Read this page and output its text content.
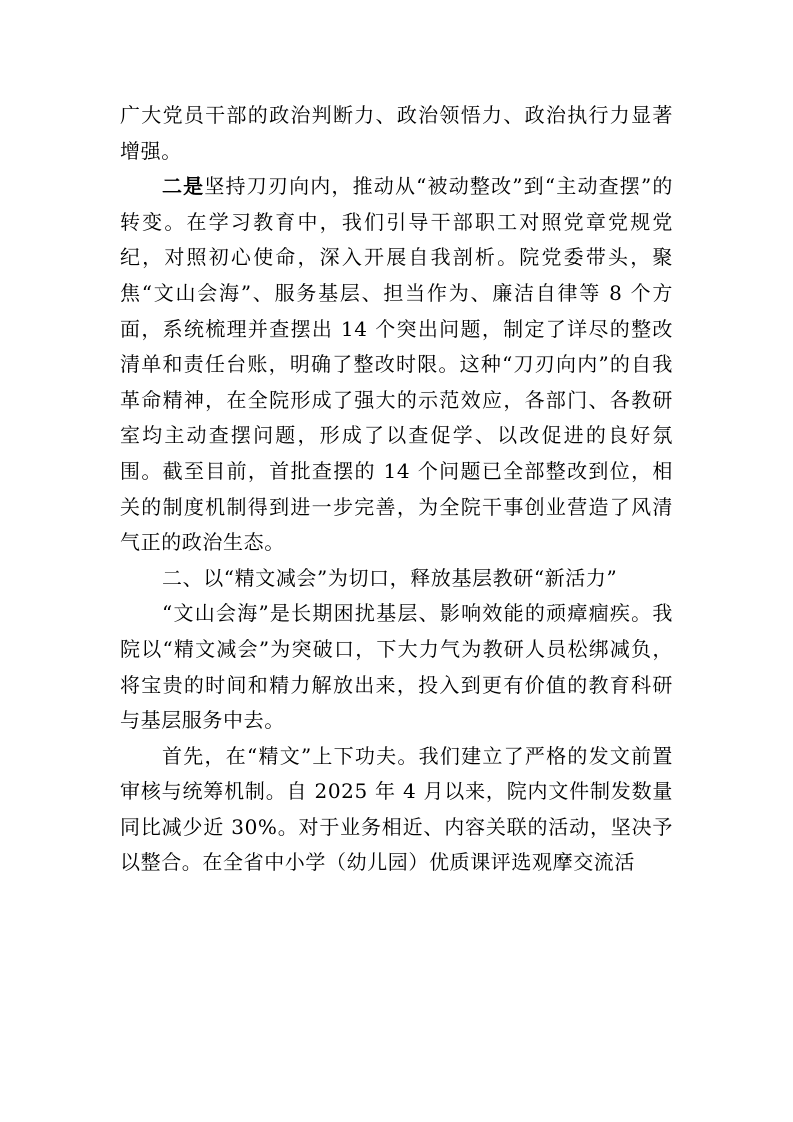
广大党员干部的政治判断力、政治领悟力、政治执行力显著增强。

二是坚持刀刃向内，推动从“被动整改”到“主动查摆”的转变。在学习教育中，我们引导干部职工对照党章党规党纪，对照初心使命，深入开展自我剖析。院党委带头，聚焦“文山会海”、服务基层、担当作为、廉洁自律等 8 个方面，系统梳理并查摆出 14 个突出问题，制定了详尽的整改清单和责任台账，明确了整改时限。这种“刀刃向内”的自我革命精神，在全院形成了强大的示范效应，各部门、各教研室均主动查摆问题，形成了以查促学、以改促进的良好氛围。截至目前，首批查摆的 14 个问题已全部整改到位，相关的制度机制得到进一步完善，为全院干事创业营造了风清气正的政治生态。

二、以“精文减会”为切口，释放基层教研“新活力”

“文山会海”是长期困扰基层、影响效能的顽瘴痼疾。我院以“精文减会”为突破口，下大力气为教研人员松绑减负，将宝贵的时间和精力解放出来，投入到更有价值的教育科研与基层服务中去。

首先，在“精文”上下功夫。我们建立了严格的发文前置审核与统筹机制。自 2025 年 4 月以来，院内文件制发数量同比减少近 30%。对于业务相近、内容关联的活动，坚决予以整合。在全省中小学（幼儿园）优质课评选观摩交流活
